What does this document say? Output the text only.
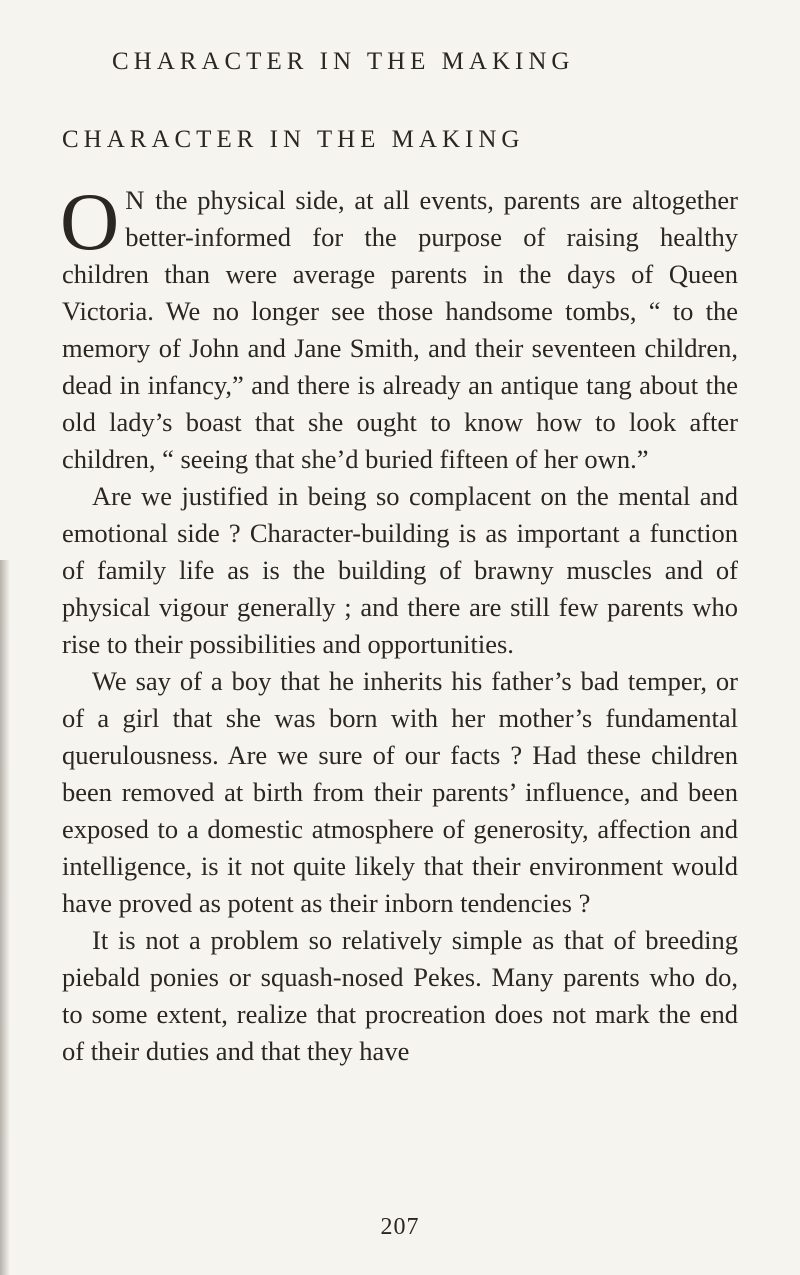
CHARACTER IN THE MAKING
CHARACTER IN THE MAKING

O N the physical side, at all events, parents are altogether better-informed for the purpose of raising healthy children than were average parents in the days of Queen Victoria. We no longer see those handsome tombs, “ to the memory of John and Jane Smith, and their seventeen children, dead in infancy,” and there is already an antique tang about the old lady’s boast that she ought to know how to look after children, “ seeing that she’d buried fifteen of her own.”

Are we justified in being so complacent on the mental and emotional side ? Character-building is as important a function of family life as is the building of brawny muscles and of physical vigour generally ; and there are still few parents who rise to their possibilities and opportunities.

We say of a boy that he inherits his father’s bad temper, or of a girl that she was born with her mother’s fundamental querulousness. Are we sure of our facts ? Had these children been removed at birth from their parents’ influence, and been exposed to a domestic atmosphere of generosity, affection and intelligence, is it not quite likely that their environment would have proved as potent as their inborn tendencies ?

It is not a problem so relatively simple as that of breeding piebald ponies or squash-nosed Pekes. Many parents who do, to some extent, realize that procreation does not mark the end of their duties and that they have

207
